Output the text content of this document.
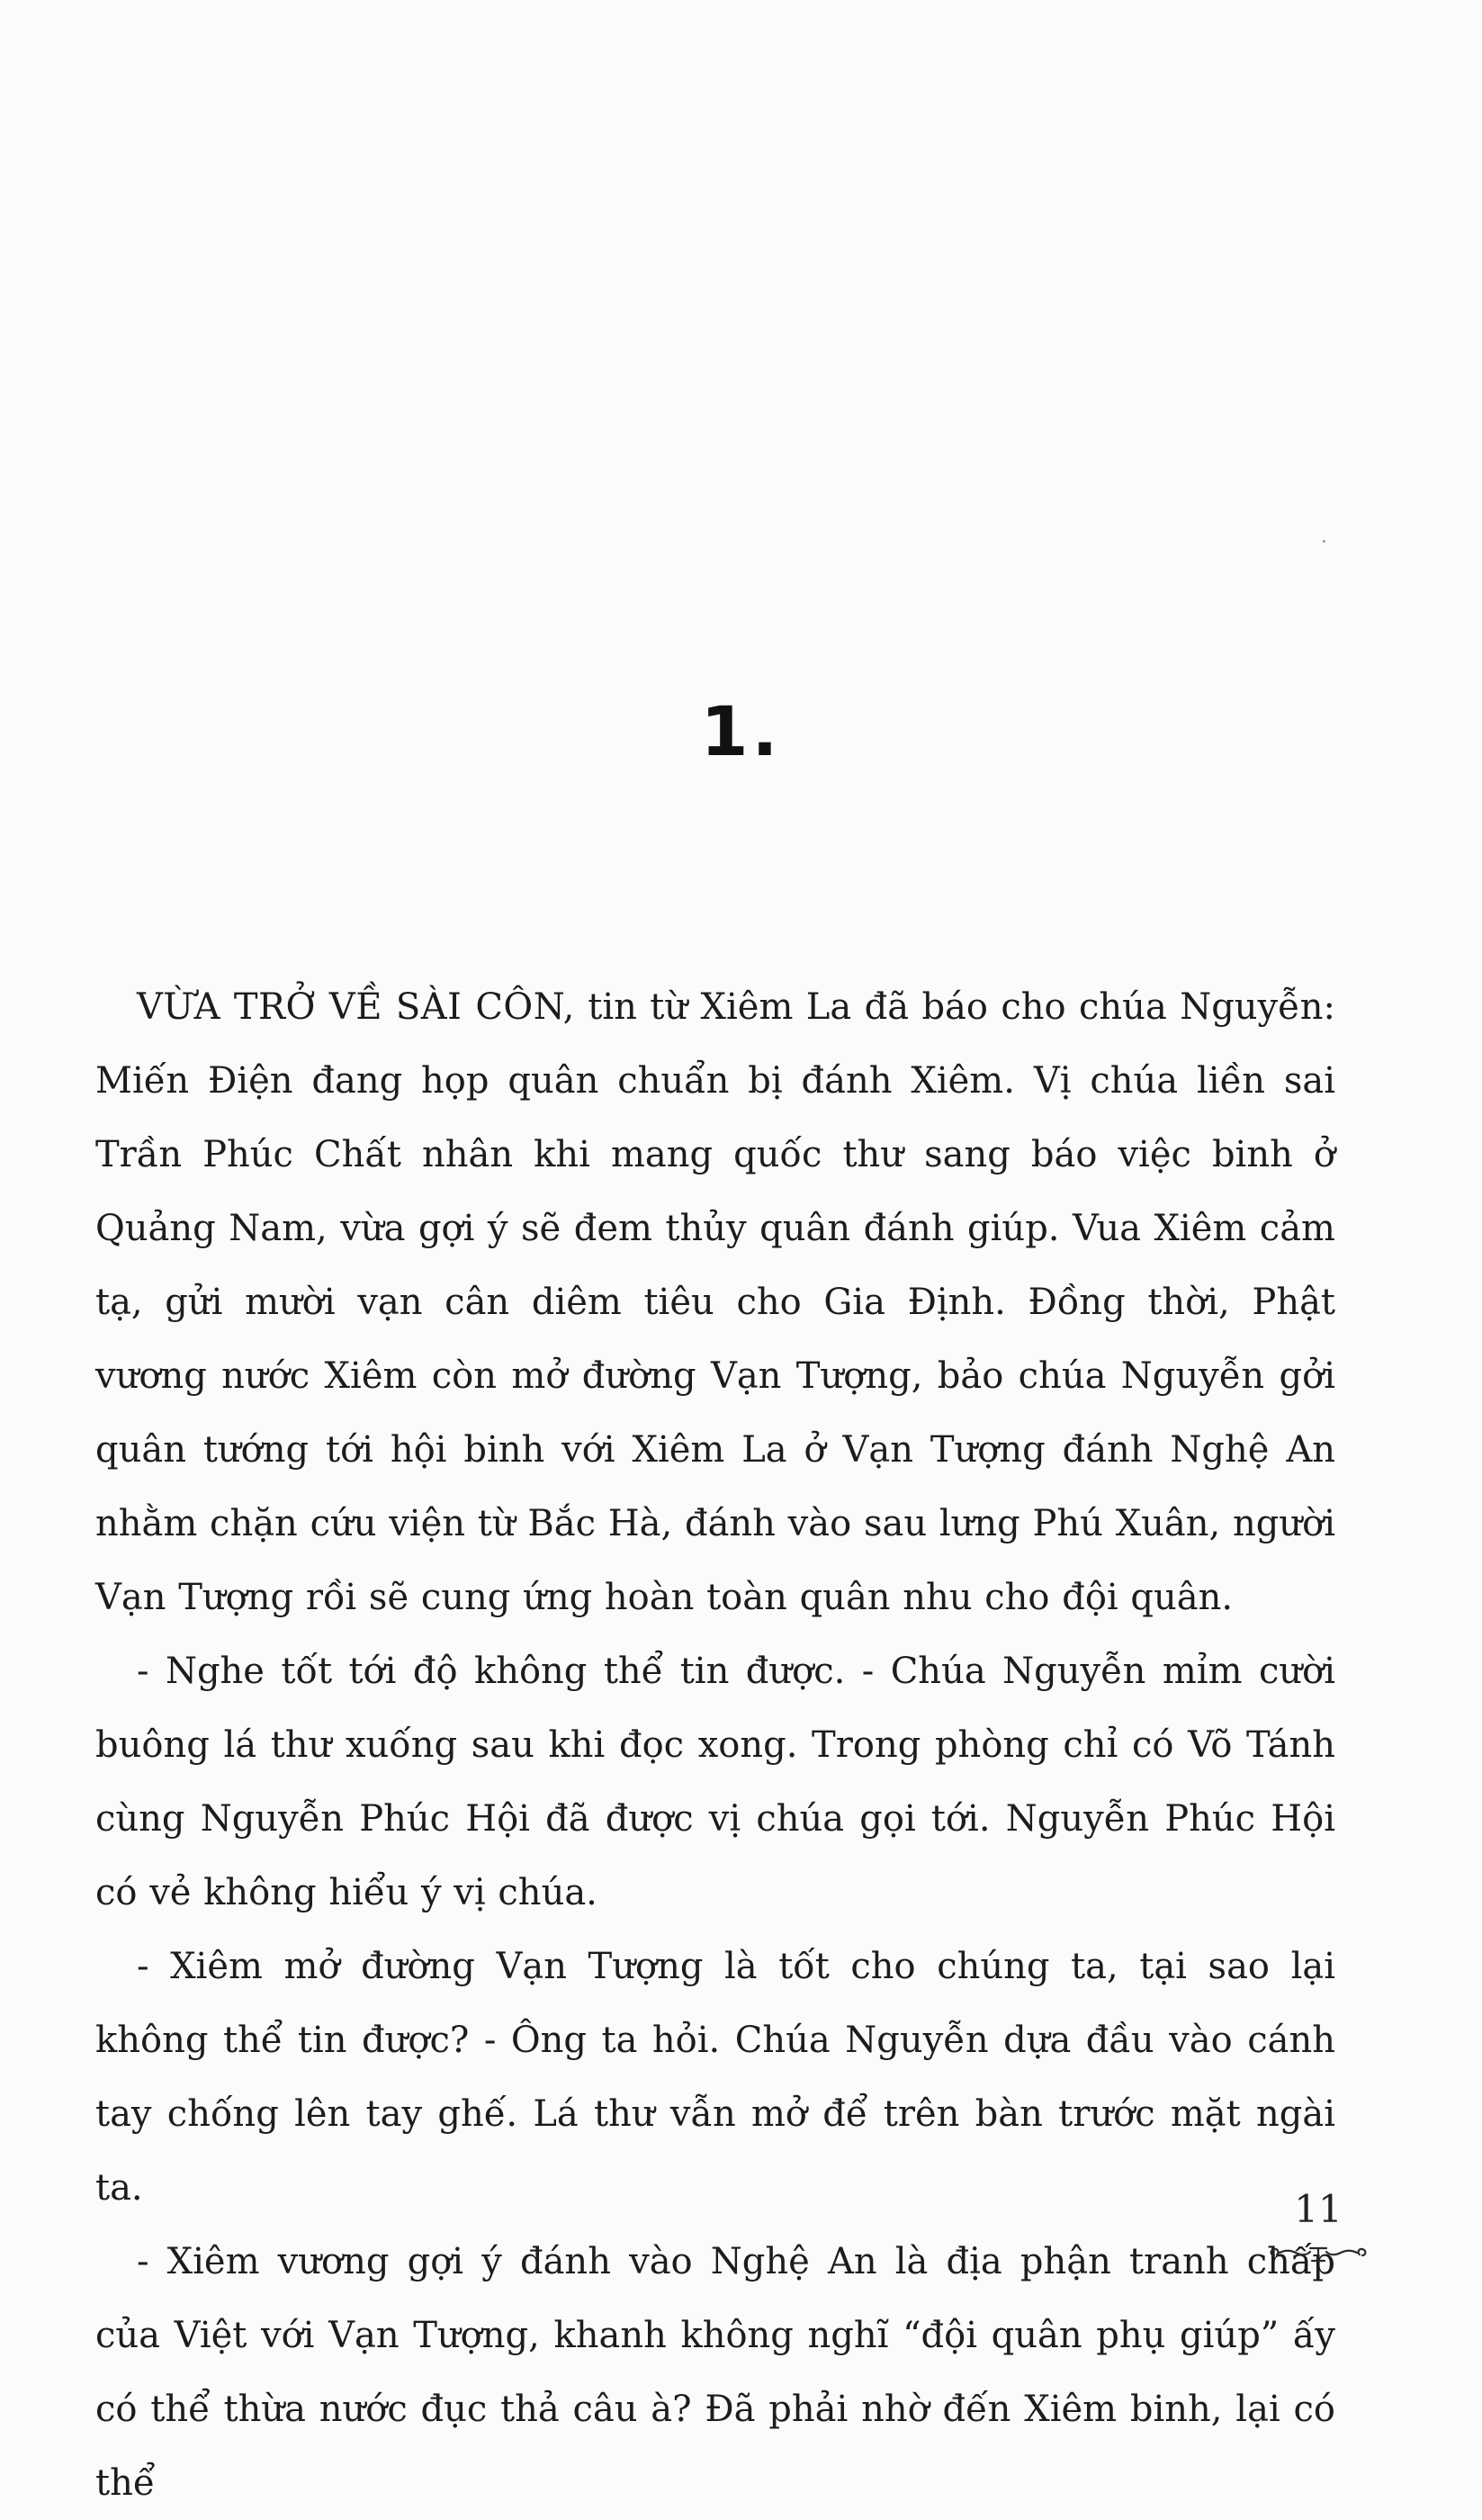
1.

VỪA TRỞ VỀ SÀI CÔN, tin từ Xiêm La đã báo cho chúa Nguyễn: Miến Điện đang họp quân chuẩn bị đánh Xiêm. Vị chúa liền sai Trần Phúc Chất nhân khi mang quốc thư sang báo việc binh ở Quảng Nam, vừa gợi ý sẽ đem thủy quân đánh giúp. Vua Xiêm cảm tạ, gửi mười vạn cân diêm tiêu cho Gia Định. Đồng thời, Phật vương nước Xiêm còn mở đường Vạn Tượng, bảo chúa Nguyễn gởi quân tướng tới hội binh với Xiêm La ở Vạn Tượng đánh Nghệ An nhằm chặn cứu viện từ Bắc Hà, đánh vào sau lưng Phú Xuân, người Vạn Tượng rồi sẽ cung ứng hoàn toàn quân nhu cho đội quân.

- Nghe tốt tới độ không thể tin được. - Chúa Nguyễn mỉm cười buông lá thư xuống sau khi đọc xong. Trong phòng chỉ có Võ Tánh cùng Nguyễn Phúc Hội đã được vị chúa gọi tới. Nguyễn Phúc Hội có vẻ không hiểu ý vị chúa.

- Xiêm mở đường Vạn Tượng là tốt cho chúng ta, tại sao lại không thể tin được? - Ông ta hỏi. Chúa Nguyễn dựa đầu vào cánh tay chống lên tay ghế. Lá thư vẫn mở để trên bàn trước mặt ngài ta.

- Xiêm vương gợi ý đánh vào Nghệ An là địa phận tranh chấp của Việt với Vạn Tượng, khanh không nghĩ “đội quân phụ giúp” ấy có thể thừa nước đục thả câu à? Đã phải nhờ đến Xiêm binh, lại có thể

11
